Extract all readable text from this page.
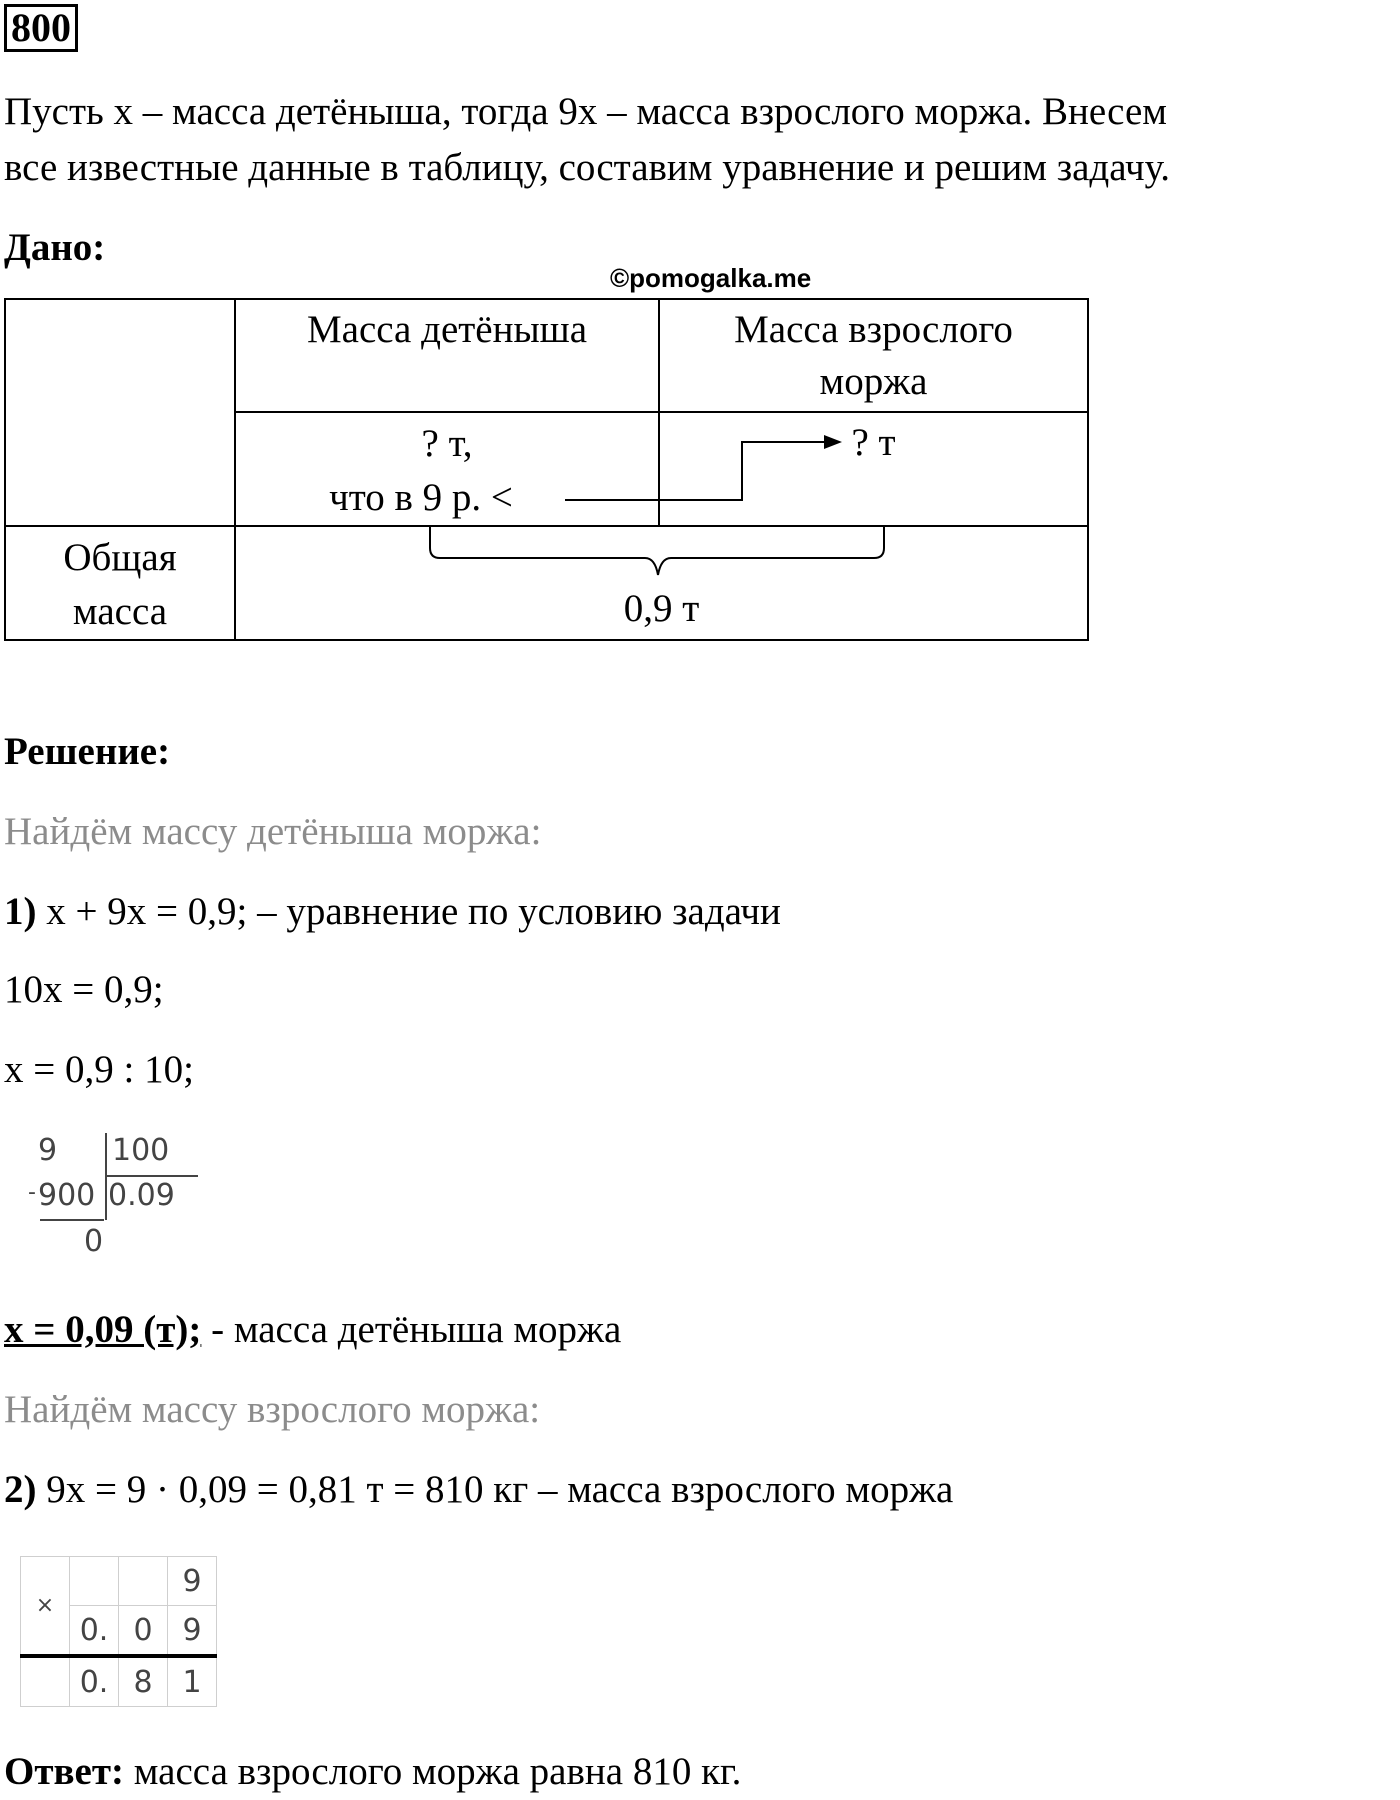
800
Пусть х – масса детёныша, тогда 9х – масса взрослого моржа. Внесем
все известные данные в таблицу, составим уравнение и решим задачу.
Дано:
©pomogalka.me

	Масса детёныша	Масса взрослого
моржа

	? т,
что в 9 р. <	? т

Общая
масса	0,9 т	
Решение:
Найдём массу детёныша моржа:
1) х + 9х = 0,9; – уравнение по условию задачи
10х = 0,9;
х = 0,9 : 10;
9 100
- 900 0.09
0
х = 0,09 (т); - масса детёныша моржа
Найдём массу взрослого моржа:
2) 9х = 9 · 0,09 = 0,81 т = 810 кг – масса взрослого моржа
×			9
	0.	0	9
	0.	8	1
Ответ: масса взрослого моржа равна 810 кг.
